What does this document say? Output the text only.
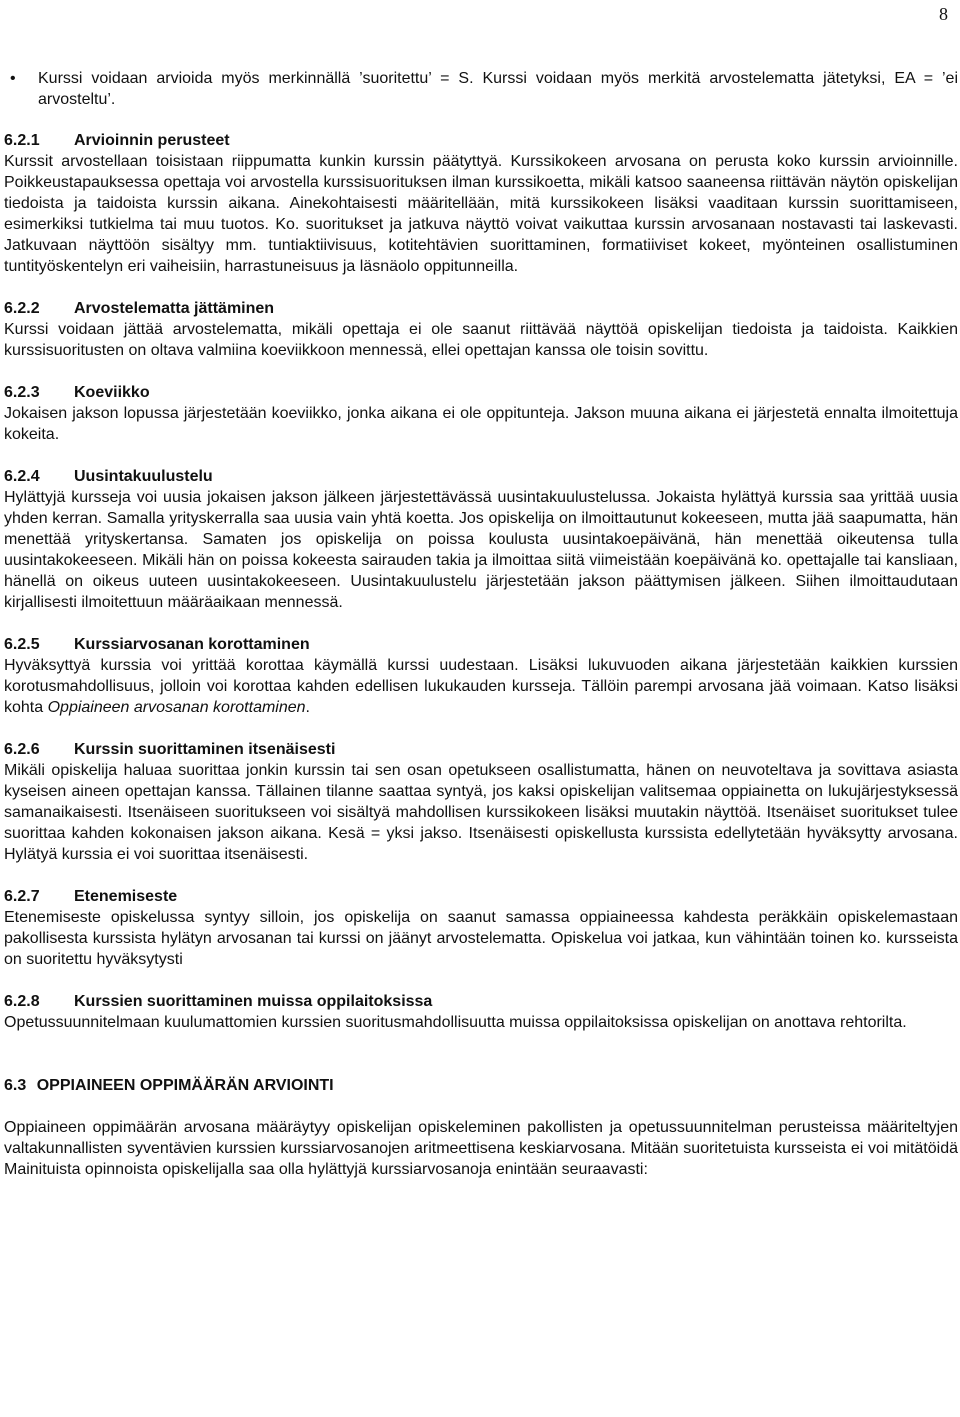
8
• Kurssi voidaan arvioida myös merkinnällä ’suoritettu’ = S. Kurssi voidaan myös merkitä arvostelematta jätetyksi, EA = ’ei arvosteltu’.
6.2.1	Arvioinnin perusteet
Kurssit arvostellaan toisistaan riippumatta kunkin kurssin päätyttyä. Kurssikokeen arvosana on perusta koko kurssin arvioinnille. Poikkeustapauksessa opettaja voi arvostella kurssisuorituksen ilman kurssikoetta, mikäli katsoo saaneensa riittävän näytön opiskelijan tiedoista ja taidoista kurssin aikana. Ainekohtaisesti määritellään, mitä kurssikokeen lisäksi vaaditaan kurssin suorittamiseen, esimerkiksi tutkielma tai muu tuotos. Ko. suoritukset ja jatkuva näyttö voivat vaikuttaa kurssin arvosanaan nostavasti tai laskevasti. Jatkuvaan näyttöön sisältyy mm. tuntiaktiivisuus, kotitehtävien suorittaminen, formatiiviset kokeet, myönteinen osallistuminen tuntityöskentelyn eri vaiheisiin, harrastuneisuus ja läsnäolo oppitunneilla.
6.2.2	Arvostelematta jättäminen
Kurssi voidaan jättää arvostelematta, mikäli opettaja ei ole saanut riittävää näyttöä opiskelijan tiedoista ja taidoista. Kaikkien kurssisuoritusten on oltava valmiina koeviikkoon mennessä, ellei opettajan kanssa ole toisin sovittu.
6.2.3	Koeviikko
Jokaisen jakson lopussa järjestetään koeviikko, jonka aikana ei ole oppitunteja. Jakson muuna aikana ei järjestetä ennalta ilmoitettuja kokeita.
6.2.4	Uusintakuulustelu
Hylättyjä kursseja voi uusia jokaisen jakson jälkeen järjestettävässä uusintakuulustelussa. Jokaista hylättyä kurssia saa yrittää uusia yhden kerran. Samalla yrityskerralla saa uusia vain yhtä koetta. Jos opiskelija on ilmoittautunut kokeeseen, mutta jää saapumatta, hän menettää yrityskertansa. Samaten jos opiskelija on poissa koulusta uusintakoepäivänä, hän menettää oikeutensa tulla uusintakokeeseen. Mikäli hän on poissa kokeesta sairauden takia ja ilmoittaa siitä viimeistään koepäivänä ko. opettajalle tai kansliaan, hänellä on oikeus uuteen uusintakokeeseen. Uusintakuulustelu järjestetään jakson päättymisen jälkeen. Siihen ilmoittaudutaan kirjallisesti ilmoitettuun määräaikaan mennessä.
6.2.5	Kurssiarvosanan korottaminen
Hyväksyttyä kurssia voi yrittää korottaa käymällä kurssi uudestaan. Lisäksi lukuvuoden aikana järjestetään kaikkien kurssien korotusmahdollisuus, jolloin voi korottaa kahden edellisen lukukauden kursseja. Tällöin parempi arvosana jää voimaan. Katso lisäksi kohta Oppiaineen arvosanan korottaminen.
6.2.6	Kurssin suorittaminen itsenäisesti
Mikäli opiskelija haluaa suorittaa jonkin kurssin tai sen osan opetukseen osallistumatta, hänen on neuvoteltava ja sovittava asiasta kyseisen aineen opettajan kanssa. Tällainen tilanne saattaa syntyä, jos kaksi opiskelijan valitsemaa oppiainetta on lukujärjestyksessä samanaikaisesti. Itsenäiseen suoritukseen voi sisältyä mahdollisen kurssikokeen lisäksi muutakin näyttöä. Itsenäiset suoritukset tulee suorittaa kahden kokonaisen jakson aikana. Kesä = yksi jakso. Itsenäisesti opiskellusta kurssista edellytetään hyväksytty arvosana. Hylätyä kurssia ei voi suorittaa itsenäisesti.
6.2.7	Etenemiseste
Etenemiseste opiskelussa syntyy silloin, jos opiskelija on saanut samassa oppiaineessa kahdesta peräkkäin opiskelemastaan pakollisesta kurssista hylätyn arvosanan tai kurssi on jäänyt arvostelematta. Opiskelua voi jatkaa, kun vähintään toinen ko. kursseista on suoritettu hyväksytysti
6.2.8	Kurssien suorittaminen muissa oppilaitoksissa
Opetussuunnitelmaan kuulumattomien kurssien suoritusmahdollisuutta muissa oppilaitoksissa opiskelijan on anottava rehtorilta.
6.3 OPPIAINEEN OPPIMÄÄRÄN ARVIOINTI
Oppiaineen oppimäärän arvosana määräytyy opiskelijan opiskeleminen pakollisten ja opetussuunnitelman perusteissa määriteltyjen valtakunnallisten syventävien kurssien kurssiarvosanojen aritmeettisena keskiarvosana. Mitään suoritetuista kursseista ei voi mitätöidä Mainituista opinnoista opiskelijalla saa olla hylättyjä kurssiarvosanoja enintään seuraavasti:
